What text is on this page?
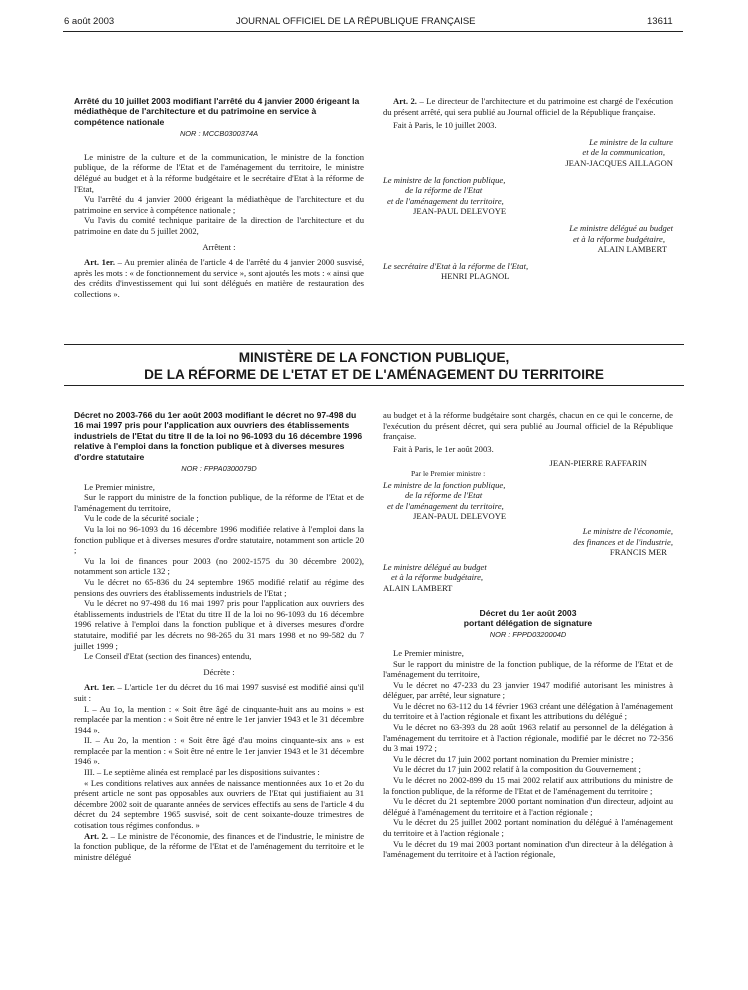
6 août 2003	JOURNAL OFFICIEL DE LA RÉPUBLIQUE FRANÇAISE	13611

Arrêté du 10 juillet 2003 modifiant l'arrêté du 4 janvier 2000 érigeant la médiathèque de l'architecture et du patrimoine en service à compétence nationale

NOR : MCCB0300374A

Le ministre de la culture et de la communication, le ministre de la fonction publique, de la réforme de l'Etat et de l'aménagement du territoire, le ministre délégué au budget et à la réforme budgétaire et le secrétaire d'Etat à la réforme de l'Etat,

Vu l'arrêté du 4 janvier 2000 érigeant la médiathèque de l'architecture et du patrimoine en service à compétence nationale ;

Vu l'avis du comité technique paritaire de la direction de l'architecture et du patrimoine en date du 5 juillet 2002,

Arrêtent :

Art. 1er. – Au premier alinéa de l'article 4 de l'arrêté du 4 janvier 2000 susvisé, après les mots : « de fonctionnement du service », sont ajoutés les mots : « ainsi que des crédits d'investissement qui lui sont délégués en matière de restauration des collections ».

Art. 2. – Le directeur de l'architecture et du patrimoine est chargé de l'exécution du présent arrêté, qui sera publié au Journal officiel de la République française.

Fait à Paris, le 10 juillet 2003.

Le ministre de la culture

et de la communication,

JEAN-JACQUES AILLAGON

Le ministre de la fonction publique,

de la réforme de l'Etat

et de l'aménagement du territoire,

JEAN-PAUL DELEVOYE

Le ministre délégué au budget

et à la réforme budgétaire,

ALAIN LAMBERT

Le secrétaire d'Etat à la réforme de l'Etat,

HENRI PLAGNOL

MINISTÈRE DE LA FONCTION PUBLIQUE,
DE LA RÉFORME DE L'ETAT ET DE L'AMÉNAGEMENT DU TERRITOIRE

Décret no 2003-766 du 1er août 2003 modifiant le décret no 97-498 du 16 mai 1997 pris pour l'application aux ouvriers des établissements industriels de l'Etat du titre II de la loi no 96-1093 du 16 décembre 1996 relative à l'emploi dans la fonction publique et à diverses mesures d'ordre statutaire

NOR : FPPA0300079D

Le Premier ministre,

Sur le rapport du ministre de la fonction publique, de la réforme de l'Etat et de l'aménagement du territoire,

Vu le code de la sécurité sociale ;

Vu la loi no 96-1093 du 16 décembre 1996 modifiée relative à l'emploi dans la fonction publique et à diverses mesures d'ordre statutaire, notamment son article 20 ;

Vu la loi de finances pour 2003 (no 2002-1575 du 30 décembre 2002), notamment son article 132 ;

Vu le décret no 65-836 du 24 septembre 1965 modifié relatif au régime des pensions des ouvriers des établissements industriels de l'Etat ;

Vu le décret no 97-498 du 16 mai 1997 pris pour l'application aux ouvriers des établissements industriels de l'Etat du titre II de la loi no 96-1093 du 16 décembre 1996 relative à l'emploi dans la fonction publique et à diverses mesures d'ordre statutaire, modifié par les décrets no 98-265 du 31 mars 1998 et no 99-582 du 7 juillet 1999 ;

Le Conseil d'Etat (section des finances) entendu,

Décrète :

Art. 1er. – L'article 1er du décret du 16 mai 1997 susvisé est modifié ainsi qu'il suit :

I. – Au 1o, la mention : « Soit être âgé de cinquante-huit ans au moins » est remplacée par la mention : « Soit être né entre le 1er janvier 1943 et le 31 décembre 1944 ».

II. – Au 2o, la mention : « Soit être âgé d'au moins cinquante-six ans » est remplacée par la mention : « Soit être né entre le 1er janvier 1943 et le 31 décembre 1946 ».

III. – Le septième alinéa est remplacé par les dispositions suivantes :

« Les conditions relatives aux années de naissance mentionnées aux 1o et 2o du présent article ne sont pas opposables aux ouvriers de l'Etat qui justifiaient au 31 décembre 2002 soit de quarante années de services effectifs au sens de l'article 4 du décret du 24 septembre 1965 susvisé, soit de cent soixante-douze trimestres de cotisation tous régimes confondus. »

Art. 2. – Le ministre de l'économie, des finances et de l'industrie, le ministre de la fonction publique, de la réforme de l'Etat et de l'aménagement du territoire et le ministre délégué

au budget et à la réforme budgétaire sont chargés, chacun en ce qui le concerne, de l'exécution du présent décret, qui sera publié au Journal officiel de la République française.

Fait à Paris, le 1er août 2003.

JEAN-PIERRE RAFFARIN

Par le Premier ministre :

Le ministre de la fonction publique,

de la réforme de l'Etat

et de l'aménagement du territoire,

JEAN-PAUL DELEVOYE

Le ministre de l'économie,

des finances et de l'industrie,

FRANCIS MER

Le ministre délégué au budget

et à la réforme budgétaire,

ALAIN LAMBERT

Décret du 1er août 2003

portant délégation de signature

NOR : FPPD0320004D

Le Premier ministre,

Sur le rapport du ministre de la fonction publique, de la réforme de l'Etat et de l'aménagement du territoire,

Vu le décret no 47-233 du 23 janvier 1947 modifié autorisant les ministres à déléguer, par arrêté, leur signature ;

Vu le décret no 63-112 du 14 février 1963 créant une délégation à l'aménagement du territoire et à l'action régionale et fixant les attributions du délégué ;

Vu le décret no 63-393 du 28 août 1963 relatif au personnel de la délégation à l'aménagement du territoire et à l'action régionale, modifié par le décret no 72-356 du 3 mai 1972 ;

Vu le décret du 17 juin 2002 portant nomination du Premier ministre ;

Vu le décret du 17 juin 2002 relatif à la composition du Gouvernement ;

Vu le décret no 2002-899 du 15 mai 2002 relatif aux attributions du ministre de la fonction publique, de la réforme de l'Etat et de l'aménagement du territoire ;

Vu le décret du 21 septembre 2000 portant nomination d'un directeur, adjoint au délégué à l'aménagement du territoire et à l'action régionale ;

Vu le décret du 25 juillet 2002 portant nomination du délégué à l'aménagement du territoire et à l'action régionale ;

Vu le décret du 19 mai 2003 portant nomination d'un directeur à la délégation à l'aménagement du territoire et à l'action régionale,
